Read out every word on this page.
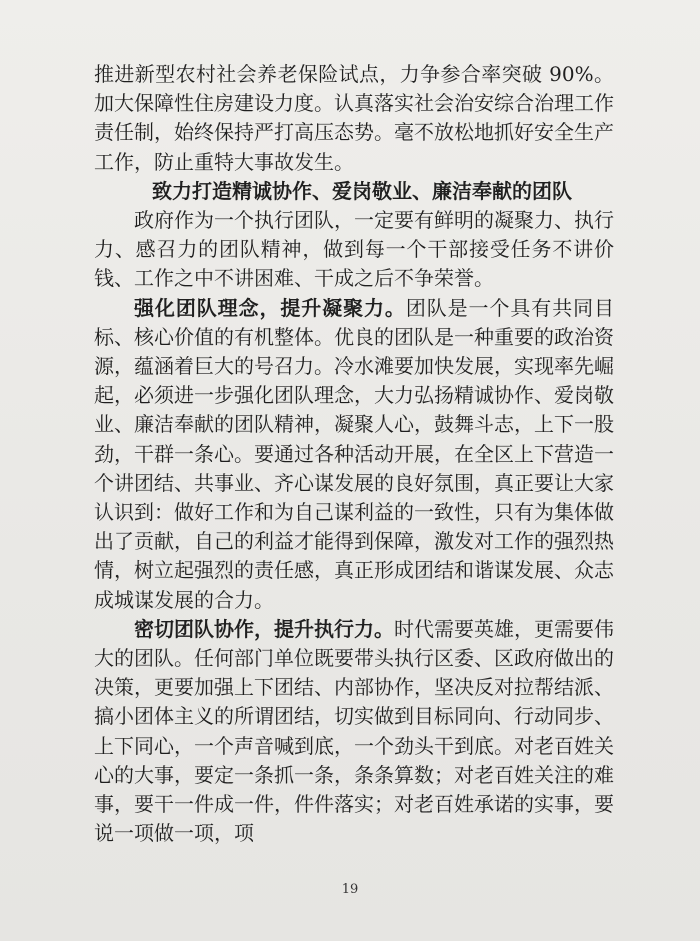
推进新型农村社会养老保险试点，力争参合率突破 90%。加大保障性住房建设力度。认真落实社会治安综合治理工作责任制，始终保持严打高压态势。毫不放松地抓好安全生产工作，防止重特大事故发生。

致力打造精诚协作、爱岗敬业、廉洁奉献的团队

政府作为一个执行团队，一定要有鲜明的凝聚力、执行力、感召力的团队精神，做到每一个干部接受任务不讲价钱、工作之中不讲困难、干成之后不争荣誉。

强化团队理念，提升凝聚力。团队是一个具有共同目标、核心价值的有机整体。优良的团队是一种重要的政治资源，蕴涵着巨大的号召力。冷水滩要加快发展，实现率先崛起，必须进一步强化团队理念，大力弘扬精诚协作、爱岗敬业、廉洁奉献的团队精神，凝聚人心，鼓舞斗志，上下一股劲，干群一条心。要通过各种活动开展，在全区上下营造一个讲团结、共事业、齐心谋发展的良好氛围，真正要让大家认识到：做好工作和为自己谋利益的一致性，只有为集体做出了贡献，自己的利益才能得到保障，激发对工作的强烈热情，树立起强烈的责任感，真正形成团结和谐谋发展、众志成城谋发展的合力。

密切团队协作，提升执行力。时代需要英雄，更需要伟大的团队。任何部门单位既要带头执行区委、区政府做出的决策，更要加强上下团结、内部协作，坚决反对拉帮结派、搞小团体主义的所谓团结，切实做到目标同向、行动同步、上下同心，一个声音喊到底，一个劲头干到底。对老百姓关心的大事，要定一条抓一条，条条算数；对老百姓关注的难事，要干一件成一件，件件落实；对老百姓承诺的实事，要说一项做一项，项

19
